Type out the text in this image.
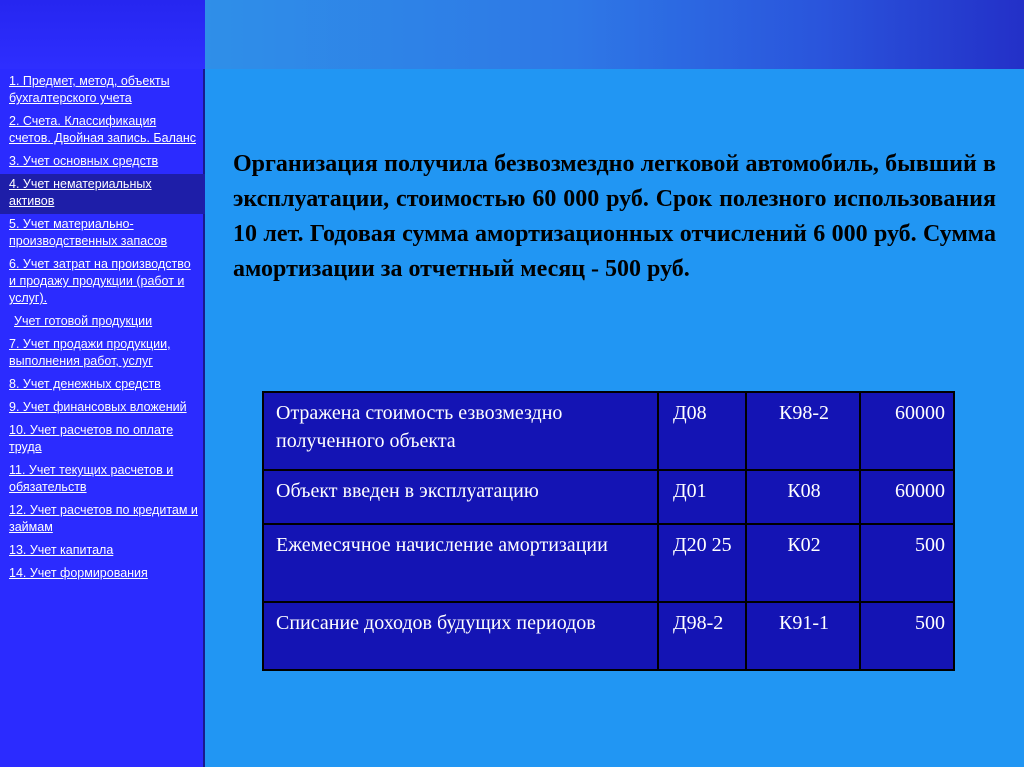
1. Предмет, метод, объекты бухгалтерского учета
2. Счета. Классификация счетов. Двойная запись. Баланс
3. Учет основных средств
4. Учет нематериальных активов
5. Учет материально-производственных запасов
6. Учет затрат на производство и продажу продукции (работ и услуг).
Учет готовой продукции
7. Учет продажи продукции, выполнения работ, услуг
8. Учет денежных средств
9. Учет финансовых вложений
10. Учет расчетов по оплате труда
11. Учет текущих расчетов и обязательств
12. Учет расчетов по кредитам и займам
13. Учет капитала
14. Учет формирования

Организация получила безвозмездно легковой автомобиль, бывший в эксплуатации, стоимостью 60 000 руб. Срок полезного использования 10 лет. Годовая сумма амортизационных отчислений 6 000 руб. Сумма амортизации за отчетный месяц - 500 руб.

Отражена стоимость езвозмездно полученного объекта	Д08	К98-2	60000
Объект введен в эксплуатацию	Д01	К08	60000
Ежемесячное начисление амортизации	Д20 25	К02	500
Списание доходов будущих периодов	Д98-2	К91-1	500
